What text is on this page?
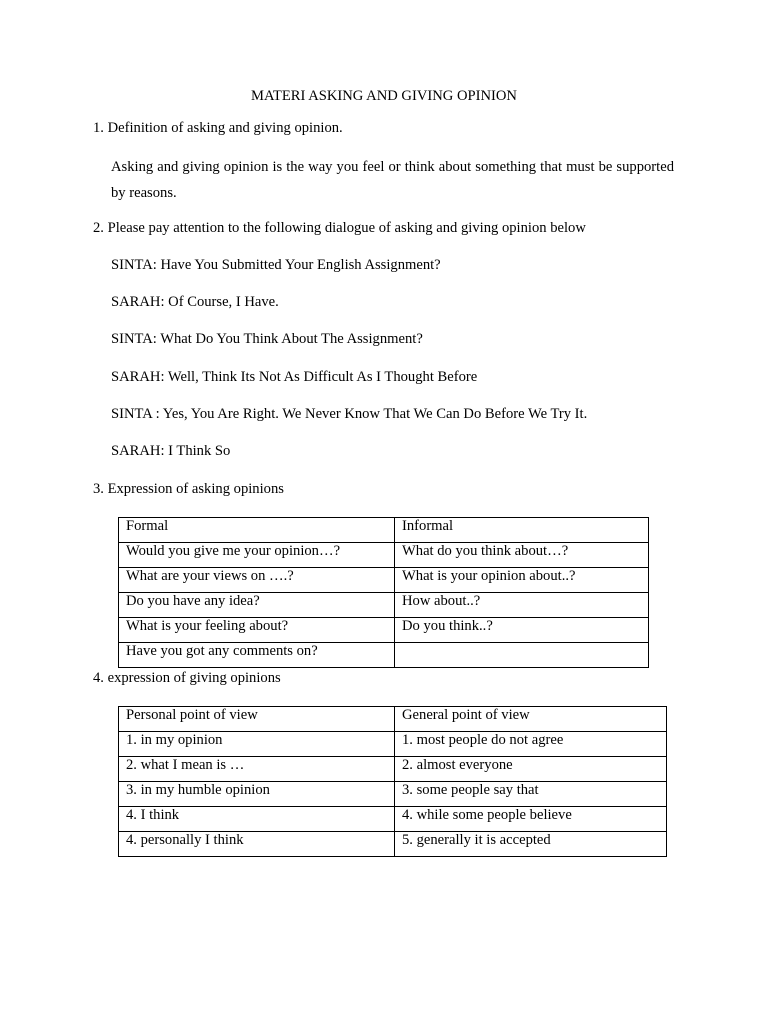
MATERI ASKING AND GIVING OPINION

1. Definition of asking and giving opinion.

Asking and giving opinion is the way you feel or think about something that must be supported by reasons.

2. Please pay attention to the following dialogue of asking and giving opinion below

SINTA: Have You Submitted Your English Assignment?

SARAH: Of Course, I Have.

SINTA: What Do You Think About The Assignment?

SARAH: Well, Think Its Not As Difficult As I Thought Before

SINTA : Yes, You Are Right. We Never Know That We Can Do Before We Try It.

SARAH: I Think So

3. Expression of asking opinions

Formal	Informal
Would you give me your opinion…?	What do you think about…?
What are your views on ….?	What is your opinion about..?
Do you have any idea?	How about..?
What is your feeling about?	Do you think..?
Have you got any comments on?	

4. expression of giving opinions

Personal point of view	General point of view
1. in my opinion	1. most people do not agree
2. what I mean is …	2. almost everyone
3. in my humble opinion	3. some people say that
4. I think	4. while some people believe
4. personally I think	5. generally it is accepted
